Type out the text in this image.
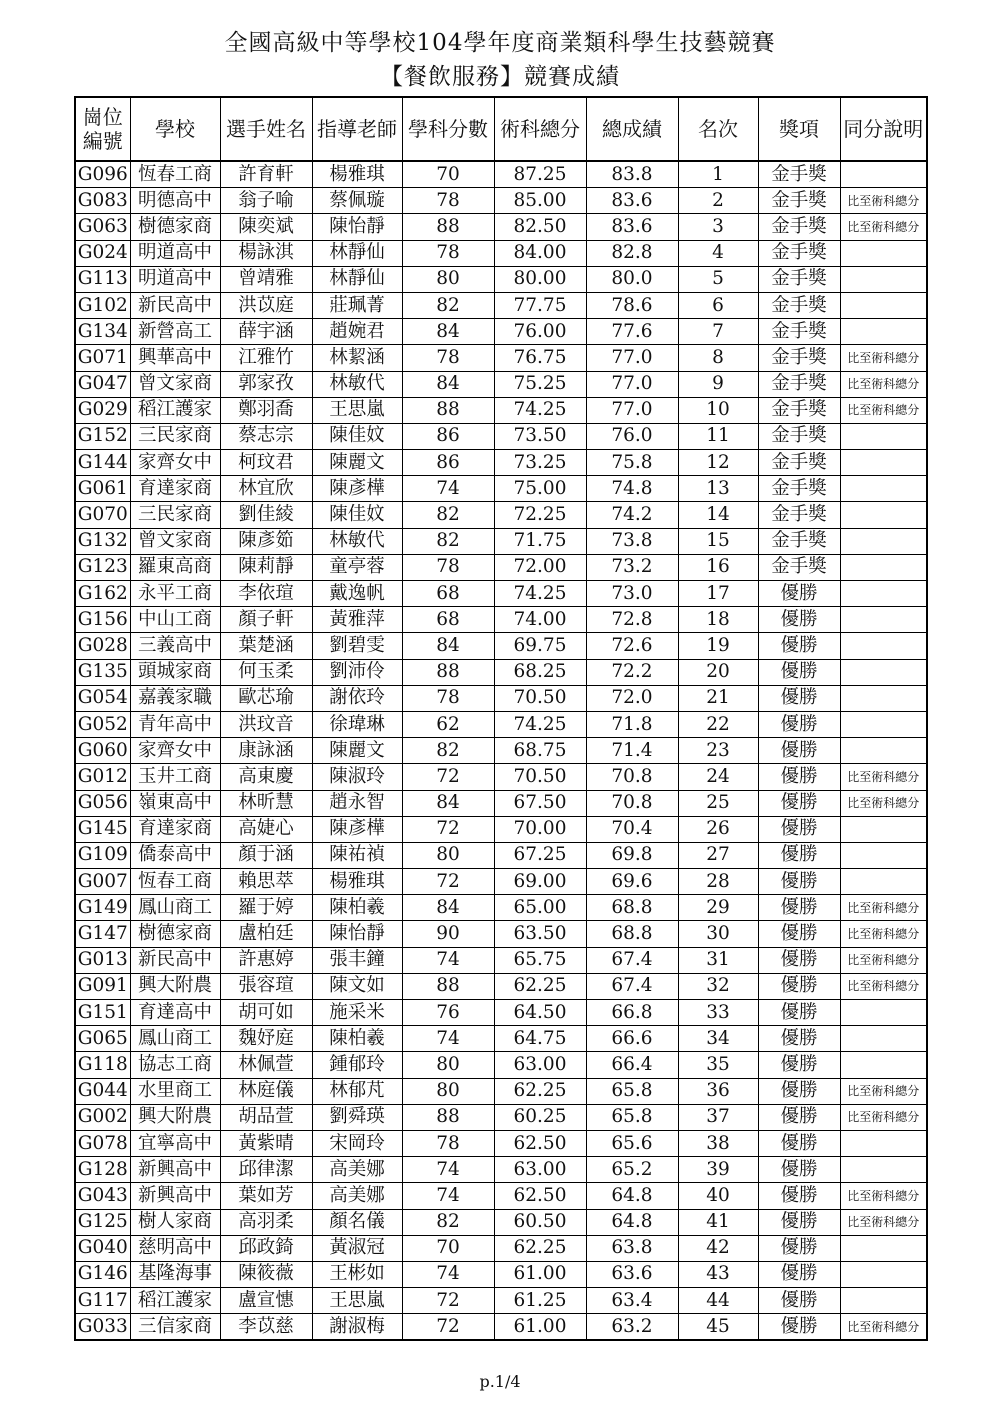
全國高級中等學校104學年度商業類科學生技藝競賽
【餐飲服務】競賽成績
崗位
編號	學校	選手姓名	指導老師	學科分數	術科總分	總成績	名次	獎項	同分說明
G096	恆春工商	許育軒	楊雅琪	70	87.25	83.8	1	金手獎	
G083	明德高中	翁子喻	蔡佩璇	78	85.00	83.6	2	金手獎	比至術科總分
G063	樹德家商	陳奕斌	陳怡靜	88	82.50	83.6	3	金手獎	比至術科總分
G024	明道高中	楊詠淇	林靜仙	78	84.00	82.8	4	金手獎	
G113	明道高中	曾靖雅	林靜仙	80	80.00	80.0	5	金手獎	
G102	新民高中	洪苡庭	莊珮菁	82	77.75	78.6	6	金手獎	
G134	新營高工	薛宇涵	趙婉君	84	76.00	77.6	7	金手獎	
G071	興華高中	江雅竹	林絜涵	78	76.75	77.0	8	金手獎	比至術科總分
G047	曾文家商	郭家孜	林敏代	84	75.25	77.0	9	金手獎	比至術科總分
G029	稻江護家	鄭羽喬	王思嵐	88	74.25	77.0	10	金手獎	比至術科總分
G152	三民家商	蔡志宗	陳佳妏	86	73.50	76.0	11	金手獎	
G144	家齊女中	柯玟君	陳麗文	86	73.25	75.8	12	金手獎	
G061	育達家商	林宜欣	陳彥樺	74	75.00	74.8	13	金手獎	
G070	三民家商	劉佳綾	陳佳妏	82	72.25	74.2	14	金手獎	
G132	曾文家商	陳彥筎	林敏代	82	71.75	73.8	15	金手獎	
G123	羅東高商	陳莉靜	童亭蓉	78	72.00	73.2	16	金手獎	
G162	永平工商	李依瑄	戴逸帆	68	74.25	73.0	17	優勝	
G156	中山工商	顏子軒	黃雅萍	68	74.00	72.8	18	優勝	
G028	三義高中	葉楚涵	劉碧雯	84	69.75	72.6	19	優勝	
G135	頭城家商	何玉柔	劉沛伶	88	68.25	72.2	20	優勝	
G054	嘉義家職	歐芯瑜	謝依玲	78	70.50	72.0	21	優勝	
G052	青年高中	洪玟音	徐瑋琳	62	74.25	71.8	22	優勝	
G060	家齊女中	康詠涵	陳麗文	82	68.75	71.4	23	優勝	
G012	玉井工商	高東慶	陳淑玲	72	70.50	70.8	24	優勝	比至術科總分
G056	嶺東高中	林昕慧	趙永智	84	67.50	70.8	25	優勝	比至術科總分
G145	育達家商	高婕心	陳彥樺	72	70.00	70.4	26	優勝	
G109	僑泰高中	顏于涵	陳祐禎	80	67.25	69.8	27	優勝	
G007	恆春工商	賴思萃	楊雅琪	72	69.00	69.6	28	優勝	
G149	鳳山商工	羅于婷	陳柏羲	84	65.00	68.8	29	優勝	比至術科總分
G147	樹德家商	盧柏廷	陳怡靜	90	63.50	68.8	30	優勝	比至術科總分
G013	新民高中	許惠婷	張丰鐘	74	65.75	67.4	31	優勝	比至術科總分
G091	興大附農	張容瑄	陳文如	88	62.25	67.4	32	優勝	比至術科總分
G151	育達高中	胡可如	施采米	76	64.50	66.8	33	優勝	
G065	鳳山商工	魏妤庭	陳柏羲	74	64.75	66.6	34	優勝	
G118	協志工商	林佩萱	鍾郁玲	80	63.00	66.4	35	優勝	
G044	水里商工	林庭儀	林郁芃	80	62.25	65.8	36	優勝	比至術科總分
G002	興大附農	胡品萱	劉舜瑛	88	60.25	65.8	37	優勝	比至術科總分
G078	宜寧高中	黃紫晴	宋岡玲	78	62.50	65.6	38	優勝	
G128	新興高中	邱律潔	高美娜	74	63.00	65.2	39	優勝	
G043	新興高中	葉如芳	高美娜	74	62.50	64.8	40	優勝	比至術科總分
G125	樹人家商	高羽柔	顏名儀	82	60.50	64.8	41	優勝	比至術科總分
G040	慈明高中	邱政錡	黃淑冠	70	62.25	63.8	42	優勝	
G146	基隆海事	陳筱薇	王彬如	74	61.00	63.6	43	優勝	
G117	稻江護家	盧宣憓	王思嵐	72	61.25	63.4	44	優勝	
G033	三信家商	李苡慈	謝淑梅	72	61.00	63.2	45	優勝	比至術科總分
p.1/4
